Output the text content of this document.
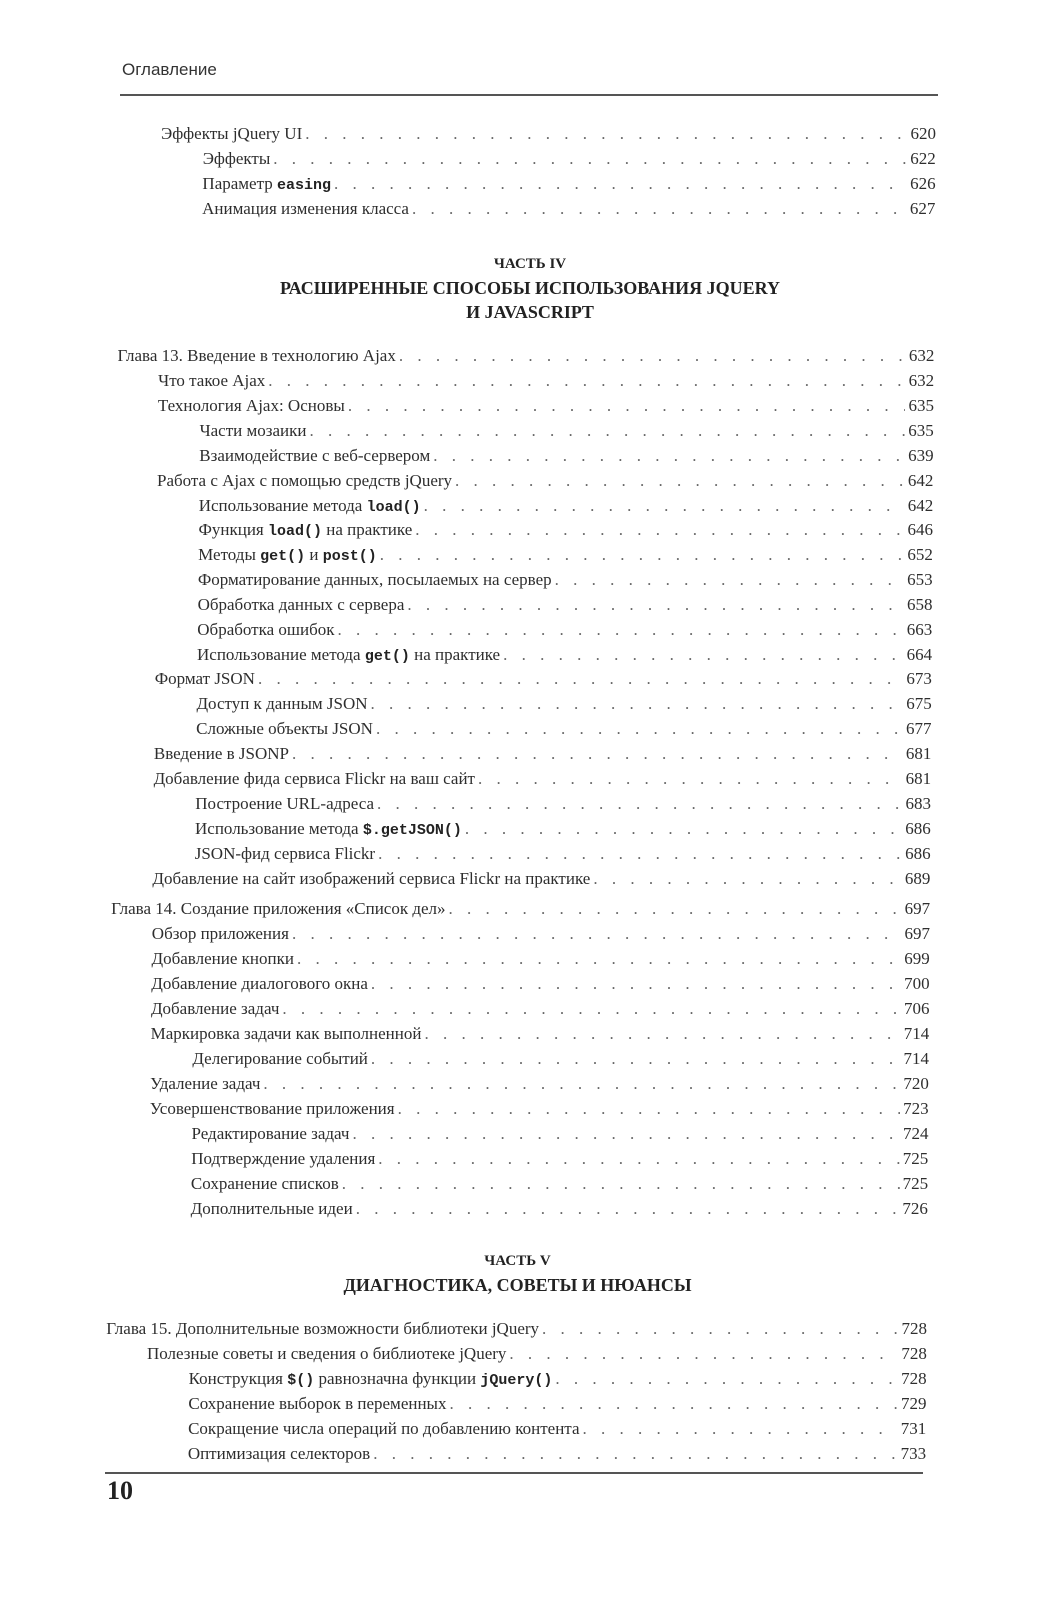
Оглавление
Эффекты jQuery UI . . .	620
Эффекты . . .	622
Параметр easing . . .	626
Анимация изменения класса . . .	627
Глава 13. Введение в технологию Ajax . . .	632
Что такое Ajax . . .	632
Технология Ajax: Основы . . .	635
Части мозаики . . .	635
Взаимодействие с веб-сервером . . .	639
Работа с Ajax с помощью средств jQuery . . .	642
Использование метода load() . . .	642
Функция load() на практике . . .	646
Методы get() и post() . . .	652
Форматирование данных, посылаемых на сервер . . .	653
Обработка данных с сервера . . .	658
Обработка ошибок . . .	663
Использование метода get() на практике . . .	664
Формат JSON . . .	673
Доступ к данным JSON . . .	675
Сложные объекты JSON . . .	677
Введение в JSONP . . .	681
Добавление фида сервиса Flickr на ваш сайт . . .	681
Построение URL-адреса . . .	683
Использование метода $.getJSON() . . .	686
JSON-фид сервиса Flickr . . .	686
Добавление на сайт изображений сервиса Flickr на практике . . .	689
Глава 14. Создание приложения «Список дел» . . .	697
Обзор приложения . . .	697
Добавление кнопки . . .	699
Добавление диалогового окна . . .	700
Добавление задач . . .	706
Маркировка задачи как выполненной . . .	714
Делегирование событий . . .	714
Удаление задач . . .	720
Усовершенствование приложения . . .	723
Редактирование задач . . .	724
Подтверждение удаления . . .	725
Сохранение списков . . .	725
Дополнительные идеи . . .	726
Глава 15. Дополнительные возможности библиотеки jQuery . . .	728
Полезные советы и сведения о библиотеке jQuery . . .	728
Конструкция $() равнозначна функции jQuery() . . .	728
Сохранение выборок в переменных . . .	729
Сокращение числа операций по добавлению контента . . .	731
Оптимизация селекторов . . .	733
ЧАСТЬ IV
РАСШИРЕННЫЕ СПОСОБЫ ИСПОЛЬЗОВАНИЯ JQUERY
И JAVASCRIPT
ЧАСТЬ V
ДИАГНОСТИКА, СОВЕТЫ И НЮАНСЫ
10
